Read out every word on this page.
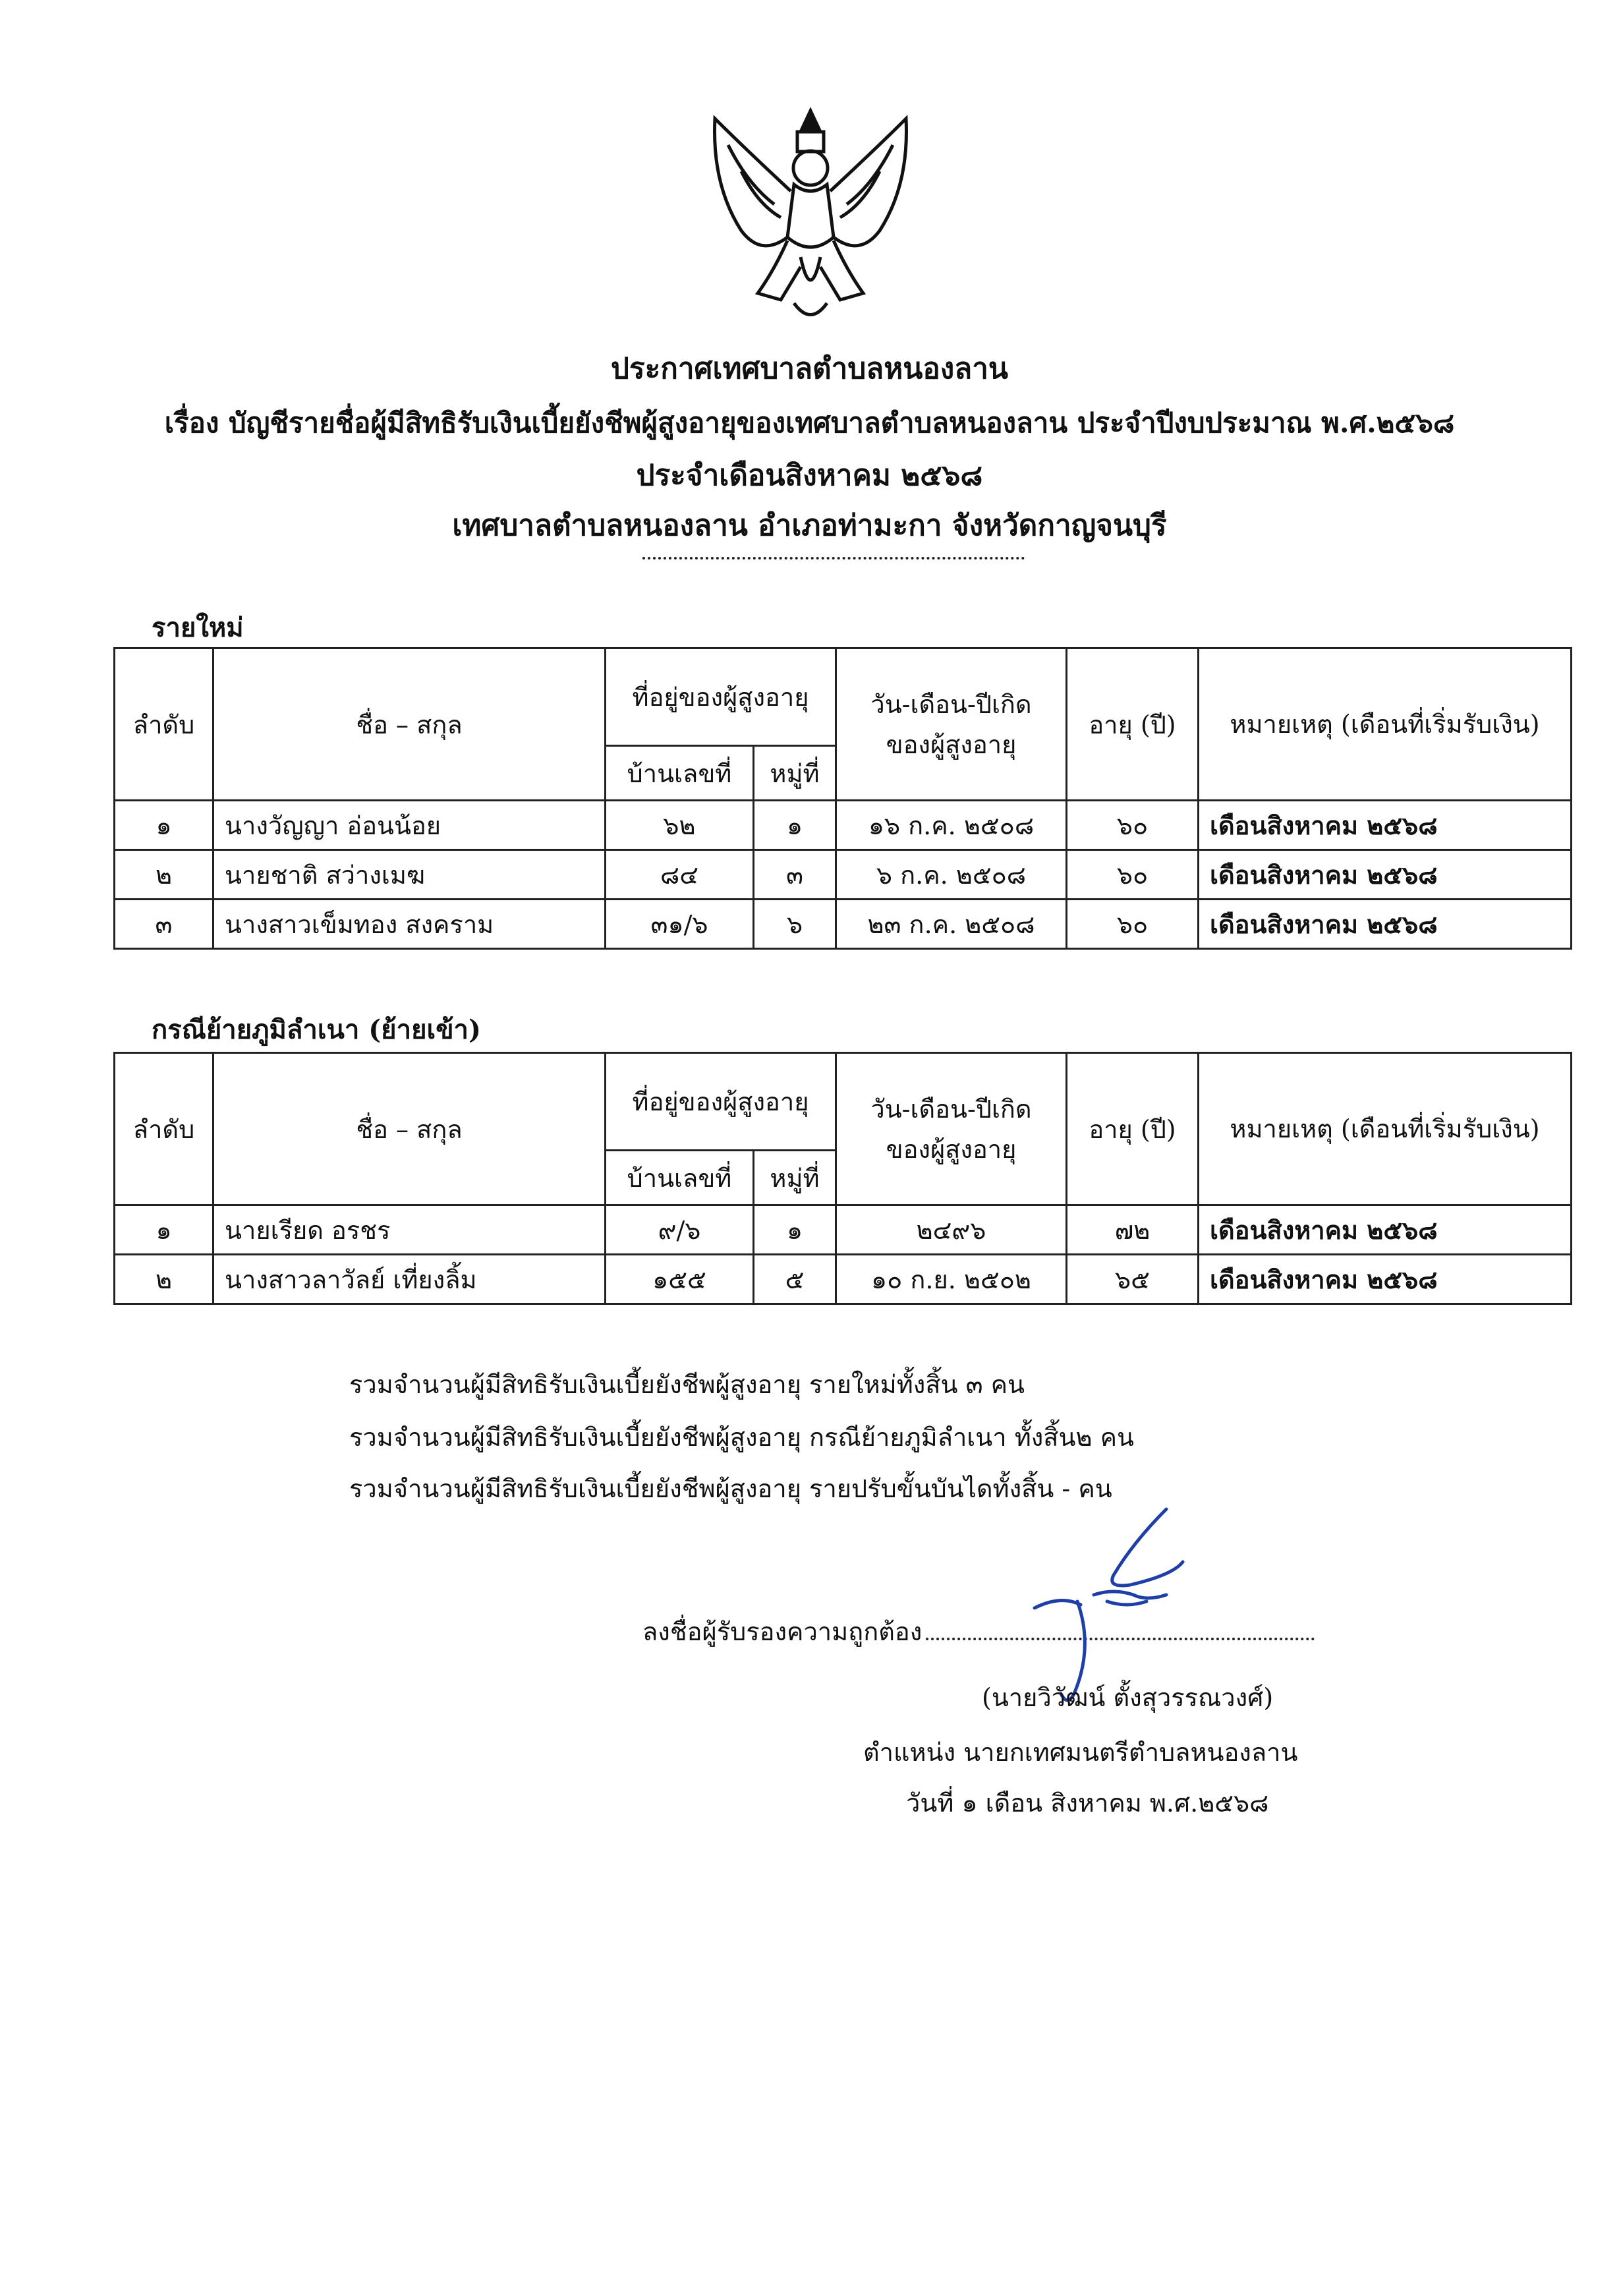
ประกาศเทศบาลตำบลหนองลาน
เรื่อง บัญชีรายชื่อผู้มีสิทธิรับเงินเบี้ยยังชีพผู้สูงอายุของเทศบาลตำบลหนองลาน ประจำปีงบประมาณ พ.ศ.๒๕๖๘
ประจำเดือนสิงหาคม ๒๕๖๘
เทศบาลตำบลหนองลาน อำเภอท่ามะกา จังหวัดกาญจนบุรี
รายใหม่
ลำดับ	ชื่อ – สกุล	ที่อยู่ของผู้สูงอายุ		วัน-เดือน-ปีเกิด ของผู้สูงอายุ	อายุ (ปี)	หมายเหตุ (เดือนที่เริ่มรับเงิน)
		บ้านเลขที่	หมู่ที่			
๑	นางวัญญา อ่อนน้อย	๖๒	๑	๑๖ ก.ค. ๒๕๐๘	๖๐	เดือนสิงหาคม ๒๕๖๘
๒	นายชาติ สว่างเมฆ	๘๔	๓	๖ ก.ค. ๒๕๐๘	๖๐	เดือนสิงหาคม ๒๕๖๘
๓	นางสาวเข็มทอง สงคราม	๓๑/๖	๖	๒๓ ก.ค. ๒๕๐๘	๖๐	เดือนสิงหาคม ๒๕๖๘
กรณีย้ายภูมิลำเนา (ย้ายเข้า)
ลำดับ	ชื่อ – สกุล	ที่อยู่ของผู้สูงอายุ		วัน-เดือน-ปีเกิด ของผู้สูงอายุ	อายุ (ปี)	หมายเหตุ (เดือนที่เริ่มรับเงิน)
		บ้านเลขที่	หมู่ที่			
๑	นายเรียด อรชร	๙/๖	๑	๒๔๙๖	๗๒	เดือนสิงหาคม ๒๕๖๘
๒	นางสาวลาวัลย์ เที่ยงลิ้ม	๑๕๕	๕	๑๐ ก.ย. ๒๕๐๒	๖๕	เดือนสิงหาคม ๒๕๖๘
รวมจำนวนผู้มีสิทธิรับเงินเบี้ยยังชีพผู้สูงอายุ รายใหม่ทั้งสิ้น ๓ คน
รวมจำนวนผู้มีสิทธิรับเงินเบี้ยยังชีพผู้สูงอายุ กรณีย้ายภูมิลำเนา ทั้งสิ้น๒ คน
รวมจำนวนผู้มีสิทธิรับเงินเบี้ยยังชีพผู้สูงอายุ รายปรับขั้นบันไดทั้งสิ้น - คน
ลงชื่อผู้รับรองความถูกต้อง
(นายวิวัฒน์ ตั้งสุวรรณวงศ์)
ตำแหน่ง นายกเทศมนตรีตำบลหนองลาน
วันที่ ๑ เดือน สิงหาคม พ.ศ.๒๕๖๘
